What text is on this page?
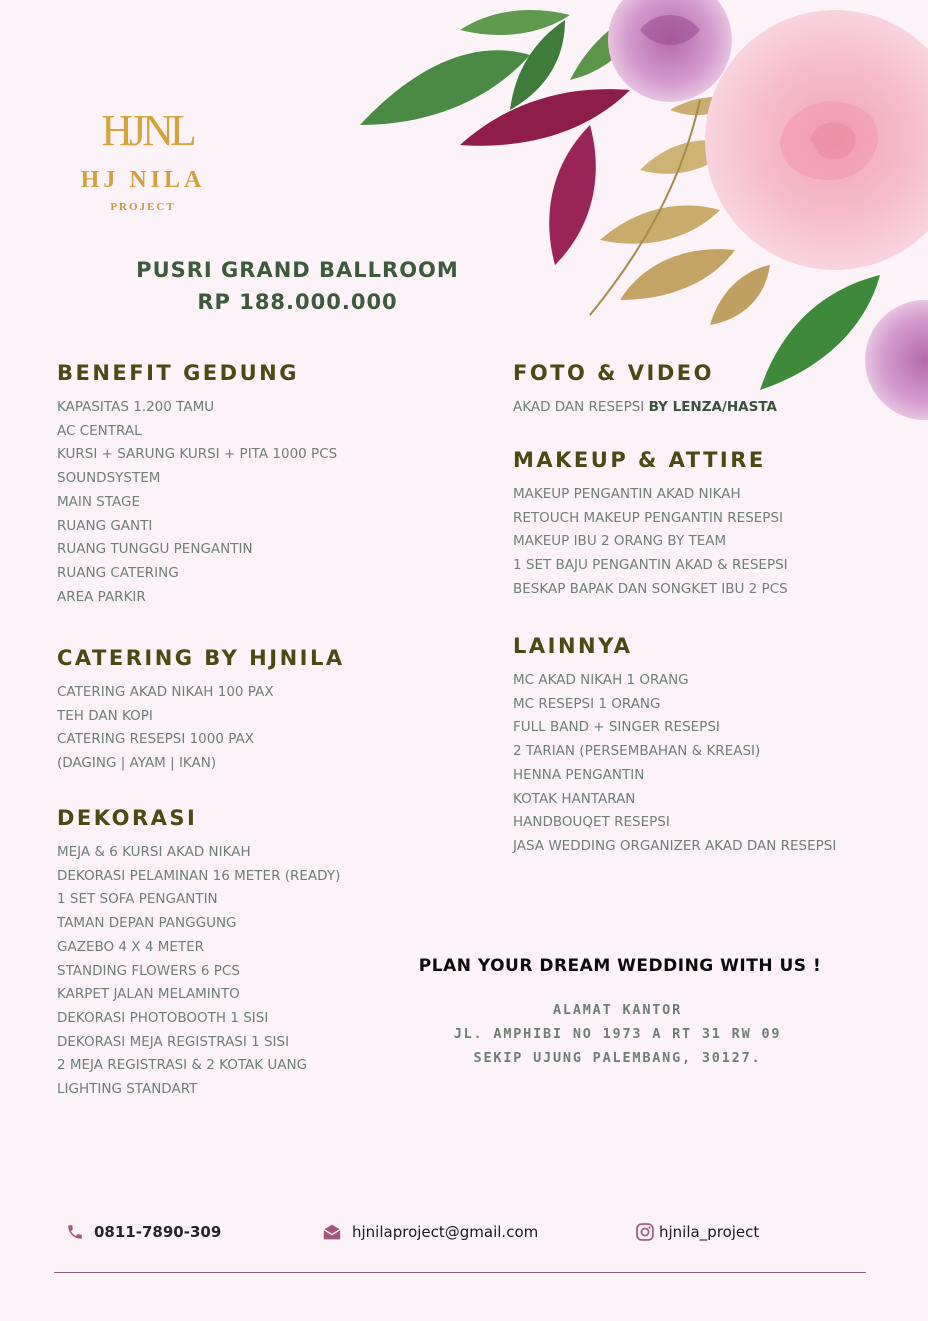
HJNL
HJ NILA
PROJECT
PUSRI GRAND BALLROOM
RP 188.000.000
BENEFIT GEDUNG
KAPASITAS 1.200 TAMU
AC CENTRAL
KURSI + SARUNG KURSI + PITA 1000 PCS
SOUNDSYSTEM
MAIN STAGE
RUANG GANTI
RUANG TUNGGU PENGANTIN
RUANG CATERING
AREA PARKIR
CATERING BY HJNILA
CATERING AKAD NIKAH 100 PAX
TEH DAN KOPI
CATERING RESEPSI 1000 PAX
(DAGING | AYAM | IKAN)
DEKORASI
MEJA & 6 KURSI AKAD NIKAH
DEKORASI PELAMINAN 16 METER (READY)
1 SET SOFA PENGANTIN
TAMAN DEPAN PANGGUNG
GAZEBO 4 X 4 METER
STANDING FLOWERS 6 PCS
KARPET JALAN MELAMINTO
DEKORASI PHOTOBOOTH 1 SISI
DEKORASI MEJA REGISTRASI 1 SISI
2 MEJA REGISTRASI & 2 KOTAK UANG
LIGHTING STANDART
FOTO & VIDEO
AKAD DAN RESEPSI BY LENZA/HASTA
MAKEUP & ATTIRE
MAKEUP PENGANTIN AKAD NIKAH
RETOUCH MAKEUP PENGANTIN RESEPSI
MAKEUP IBU 2 ORANG BY TEAM
1 SET BAJU PENGANTIN AKAD & RESEPSI
BESKAP BAPAK DAN SONGKET IBU 2 PCS
LAINNYA
MC AKAD NIKAH 1 ORANG
MC RESEPSI 1 ORANG
FULL BAND + SINGER RESEPSI
2 TARIAN (PERSEMBAHAN & KREASI)
HENNA PENGANTIN
KOTAK HANTARAN
HANDBOUQET RESEPSI
JASA WEDDING ORGANIZER AKAD DAN RESEPSI
PLAN YOUR DREAM WEDDING WITH US !
ALAMAT KANTOR
JL. AMPHIBI NO 1973 A RT 31 RW 09
SEKIP UJUNG PALEMBANG, 30127.
0811-7890-309	hjnilaproject@gmail.com	hjnila_project
